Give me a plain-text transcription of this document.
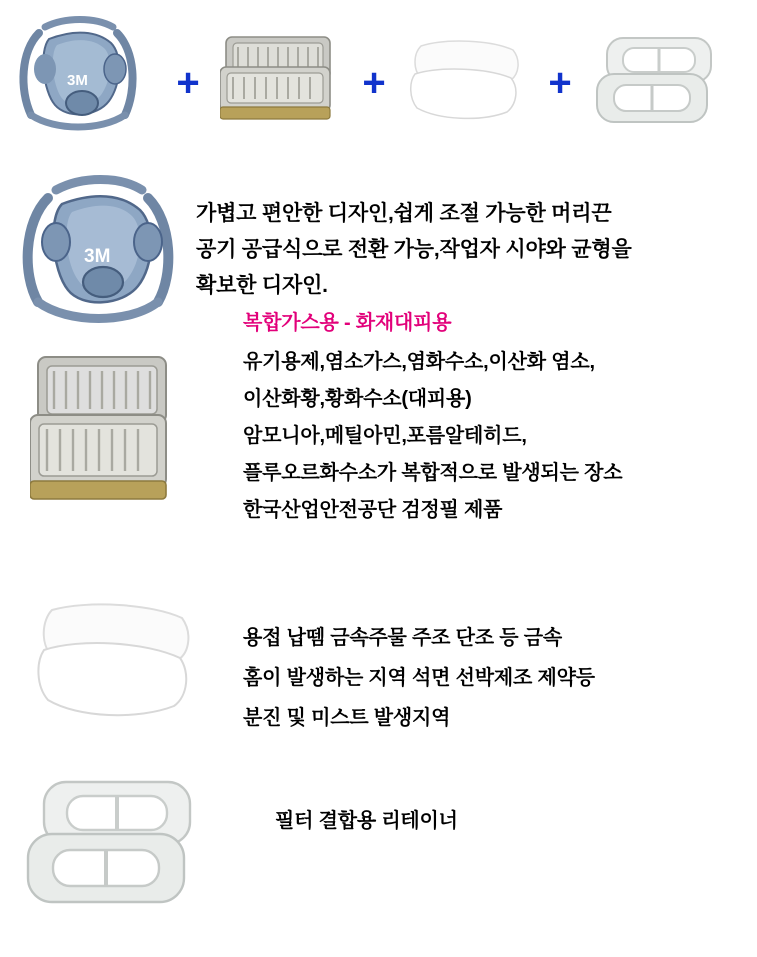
3M	+	+	+
3M
가볍고 편안한 디자인,쉽게 조절 가능한 머리끈
공기 공급식으로 전환 가능,작업자 시야와 균형을
확보한 디자인.
복합가스용 - 화재대피용
유기용제,염소가스,염화수소,이산화 염소,
이산화황,황화수소(대피용)
암모니아,메틸아민,포름알테히드,
플루오르화수소가 복합적으로 발생되는 장소
한국산업안전공단 검정필 제품
용접 납뗌 금속주물 주조 단조 등 금속
홈이 발생하는 지역 석면 선박제조 제약등
분진 및 미스트 발생지역
필터 결합용 리테이너
